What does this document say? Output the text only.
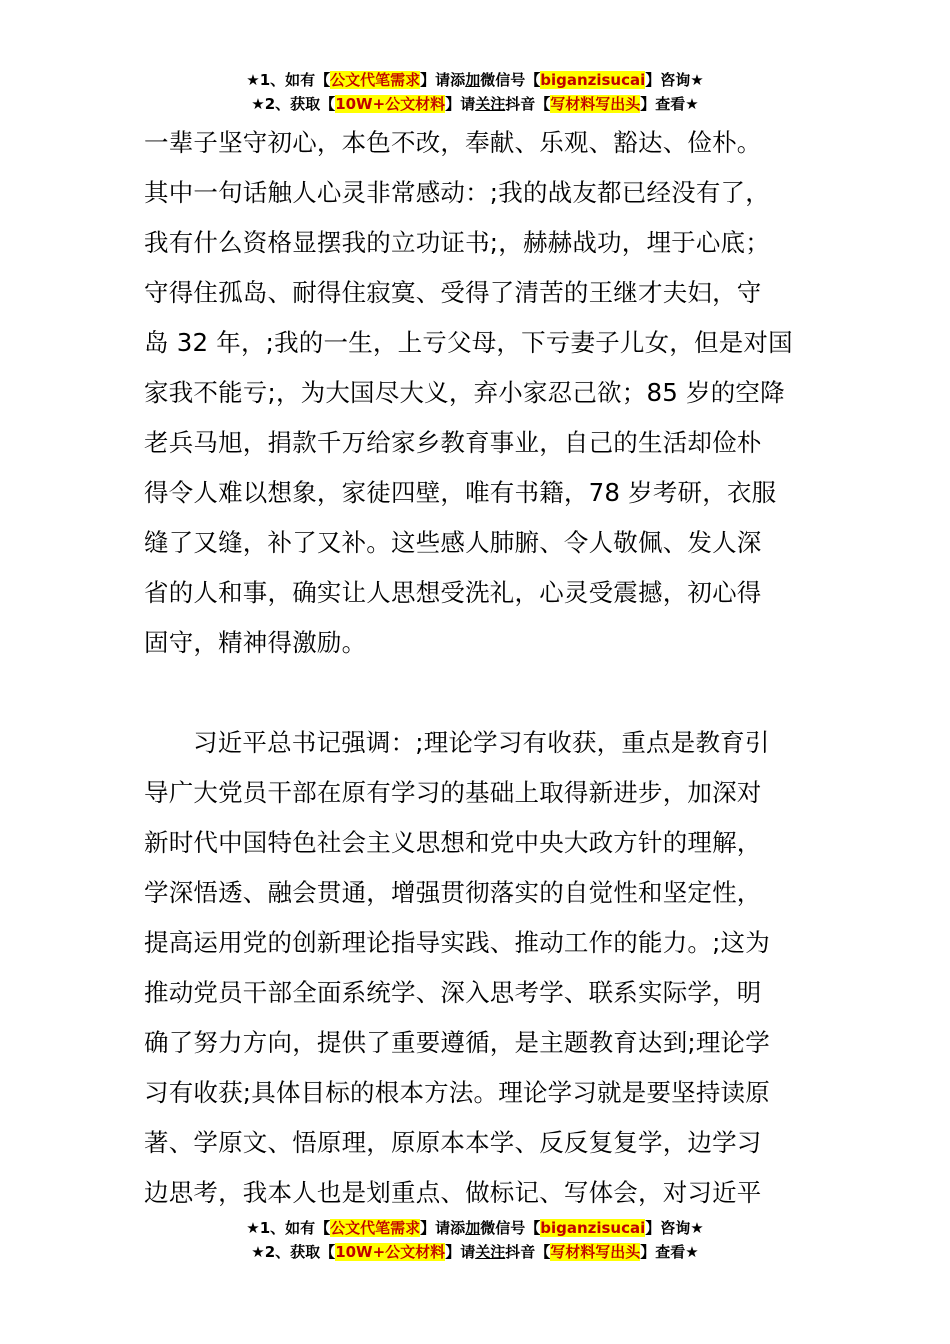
★1、如有【公文代笔需求】请添加微信号【biganzisucai】咨询★
★2、获取【10W+公文材料】请关注抖音【写材料写出头】查看★
一辈子坚守初心，本色不改，奉献、乐观、豁达、俭朴。
其中一句话触人心灵非常感动：;我的战友都已经没有了，
我有什么资格显摆我的立功证书;，赫赫战功，埋于心底；
守得住孤岛、耐得住寂寞、受得了清苦的王继才夫妇，守
岛 32 年，;我的一生，上亏父母，下亏妻子儿女，但是对国
家我不能亏;，为大国尽大义，弃小家忍己欲；85 岁的空降
老兵马旭，捐款千万给家乡教育事业，自己的生活却俭朴
得令人难以想象，家徒四壁，唯有书籍，78 岁考研，衣服
缝了又缝，补了又补。这些感人肺腑、令人敬佩、发人深
省的人和事，确实让人思想受洗礼，心灵受震撼，初心得
固守，精神得激励。
习近平总书记强调：;理论学习有收获，重点是教育引
导广大党员干部在原有学习的基础上取得新进步，加深对
新时代中国特色社会主义思想和党中央大政方针的理解，
学深悟透、融会贯通，增强贯彻落实的自觉性和坚定性，
提高运用党的创新理论指导实践、推动工作的能力。;这为
推动党员干部全面系统学、深入思考学、联系实际学，明
确了努力方向，提供了重要遵循，是主题教育达到;理论学
习有收获;具体目标的根本方法。理论学习就是要坚持读原
著、学原文、悟原理，原原本本学、反反复复学，边学习
边思考，我本人也是划重点、做标记、写体会，对习近平
★1、如有【公文代笔需求】请添加微信号【biganzisucai】咨询★
★2、获取【10W+公文材料】请关注抖音【写材料写出头】查看★
